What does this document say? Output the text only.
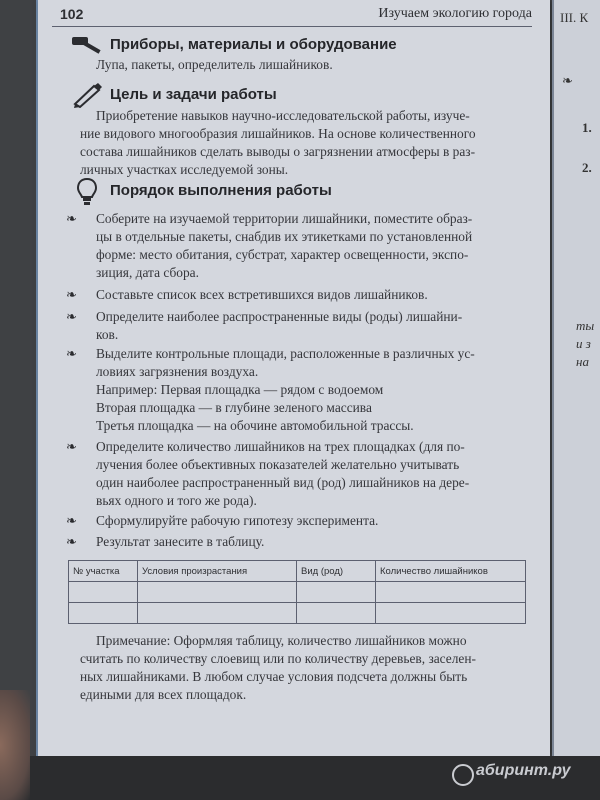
102	Изучаем экологию города
Приборы, материалы и оборудование

Лупа, пакеты, определитель лишайников.

Цель и задачи работы

Приобретение навыков научно-исследовательской работы, изуче-

ние видового многообразия лишайников. На основе количественного

состава лишайников сделать выводы о загрязнении атмосферы в раз-

личных участках исследуемой зоны.

Порядок выполнения работы
❧ Соберите на изучаемой территории лишайники, поместите образ-

цы в отдельные пакеты, снабдив их этикетками по установленной

форме: место обитания, субстрат, характер освещенности, экспо-

зиция, дата сбора.

❧ Составьте список всех встретившихся видов лишайников.

❧ Определите наиболее распространенные виды (роды) лишайни-

ков.

❧ Выделите контрольные площади, расположенные в различных ус-

ловиях загрязнения воздуха.

Например: Первая площадка — рядом с водоемом

Вторая площадка — в глубине зеленого массива

Третья площадка — на обочине автомобильной трассы.

❧ Определите количество лишайников на трех площадках (для по-

лучения более объективных показателей желательно учитывать

один наиболее распространенный вид (род) лишайников на дере-

вьях одного и того же рода).

❧ Сформулируйте рабочую гипотезу эксперимента.

❧ Результат занесите в таблицу.

№ участка	Условия произрастания	Вид (род)	Количество лишайников

Примечание: Оформляя таблицу, количество лишайников можно

считать по количеству слоевищ или по количеству деревьев, заселен-

ных лишайниками. В любом случае условия подсчета должны быть

едиными для всех площадок.

III. К
❧
1.
2.
ты
и з
на
абиринт.ру
